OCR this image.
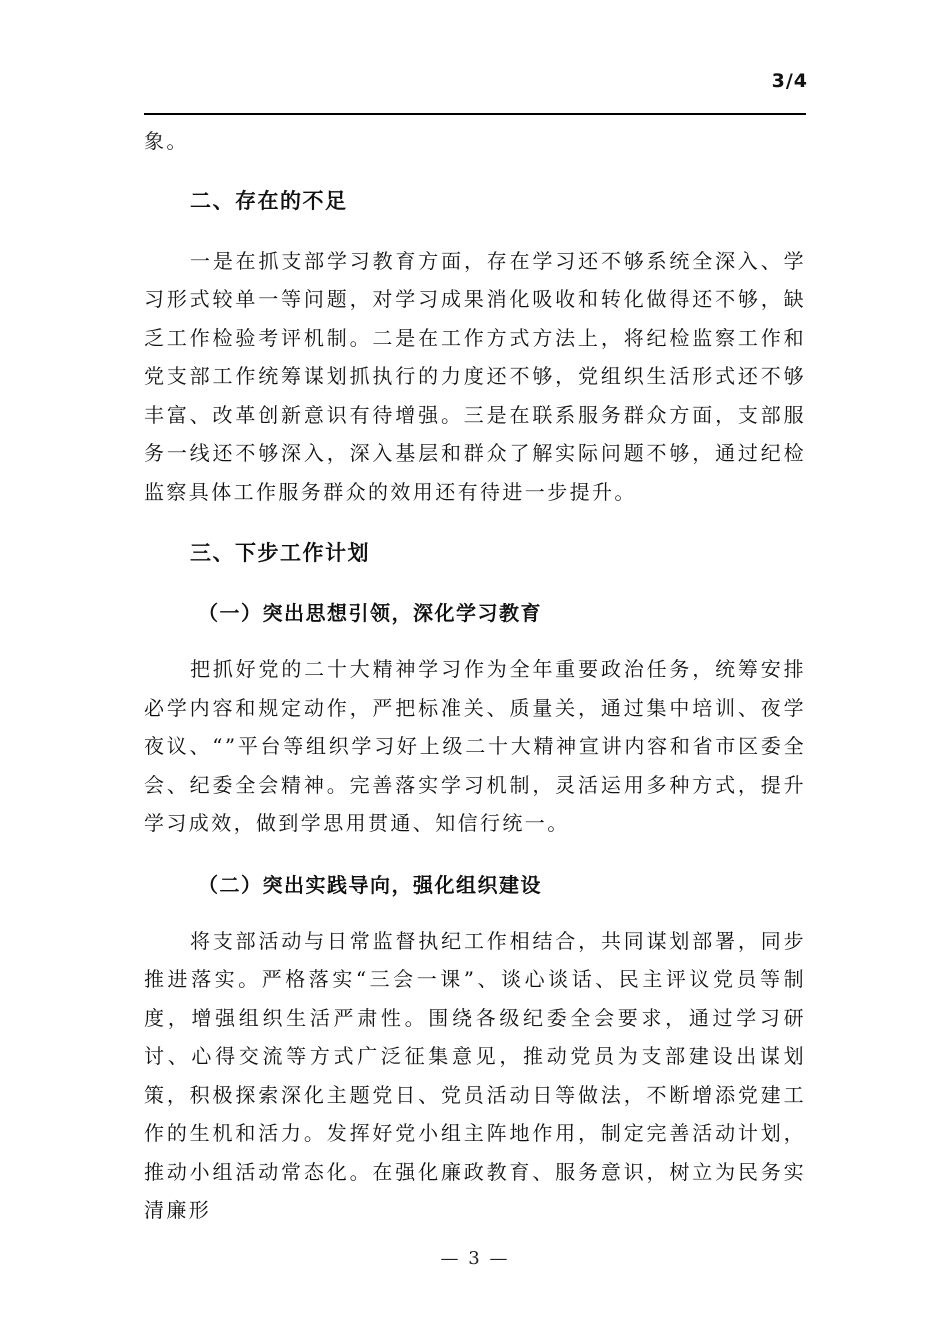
3/4

象。

二、存在的不足

一是在抓支部学习教育方面，存在学习还不够系统全深入、学习形式较单一等问题，对学习成果消化吸收和转化做得还不够，缺乏工作检验考评机制。二是在工作方式方法上，将纪检监察工作和党支部工作统筹谋划抓执行的力度还不够，党组织生活形式还不够丰富、改革创新意识有待增强。三是在联系服务群众方面，支部服务一线还不够深入，深入基层和群众了解实际问题不够，通过纪检监察具体工作服务群众的效用还有待进一步提升。

三、下步工作计划
（一）突出思想引领，深化学习教育

把抓好党的二十大精神学习作为全年重要政治任务，统筹安排必学内容和规定动作，严把标准关、质量关，通过集中培训、夜学夜议、“”平台等组织学习好上级二十大精神宣讲内容和省市区委全会、纪委全会精神。完善落实学习机制，灵活运用多种方式，提升学习成效，做到学思用贯通、知信行统一。

（二）突出实践导向，强化组织建设

将支部活动与日常监督执纪工作相结合，共同谋划部署，同步推进落实。严格落实“三会一课”、谈心谈话、民主评议党员等制度，增强组织生活严肃性。围绕各级纪委全会要求，通过学习研讨、心得交流等方式广泛征集意见，推动党员为支部建设出谋划策，积极探索深化主题党日、党员活动日等做法，不断增添党建工作的生机和活力。发挥好党小组主阵地作用，制定完善活动计划，推动小组活动常态化。在强化廉政教育、服务意识，树立为民务实清廉形

— 3 —
